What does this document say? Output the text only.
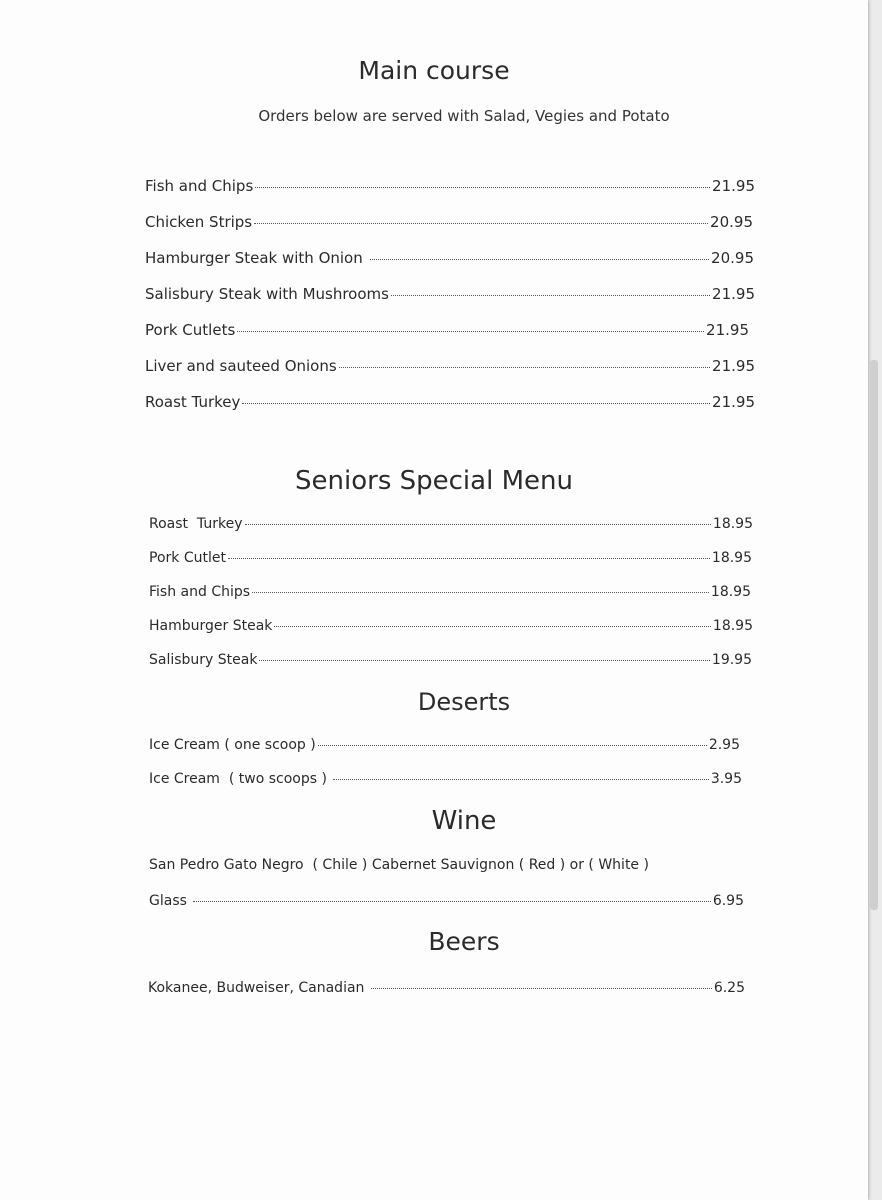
Main course
Orders below are served with Salad, Vegies and Potato
Fish and Chips	21.95
Chicken Strips	20.95
Hamburger Steak with Onion	20.95
Salisbury Steak with Mushrooms	21.95
Pork Cutlets	21.95
Liver and sauteed Onions	21.95
Roast Turkey	21.95
Seniors Special Menu
Roast  Turkey	18.95
Pork Cutlet	18.95
Fish and Chips	18.95
Hamburger Steak	18.95
Salisbury Steak	19.95
Deserts
Ice Cream ( one scoop )	2.95
Ice Cream  ( two scoops )	3.95
Wine
San Pedro Gato Negro  ( Chile ) Cabernet Sauvignon ( Red ) or ( White )
Glass	6.95
Beers
Kokanee, Budweiser, Canadian	6.25
